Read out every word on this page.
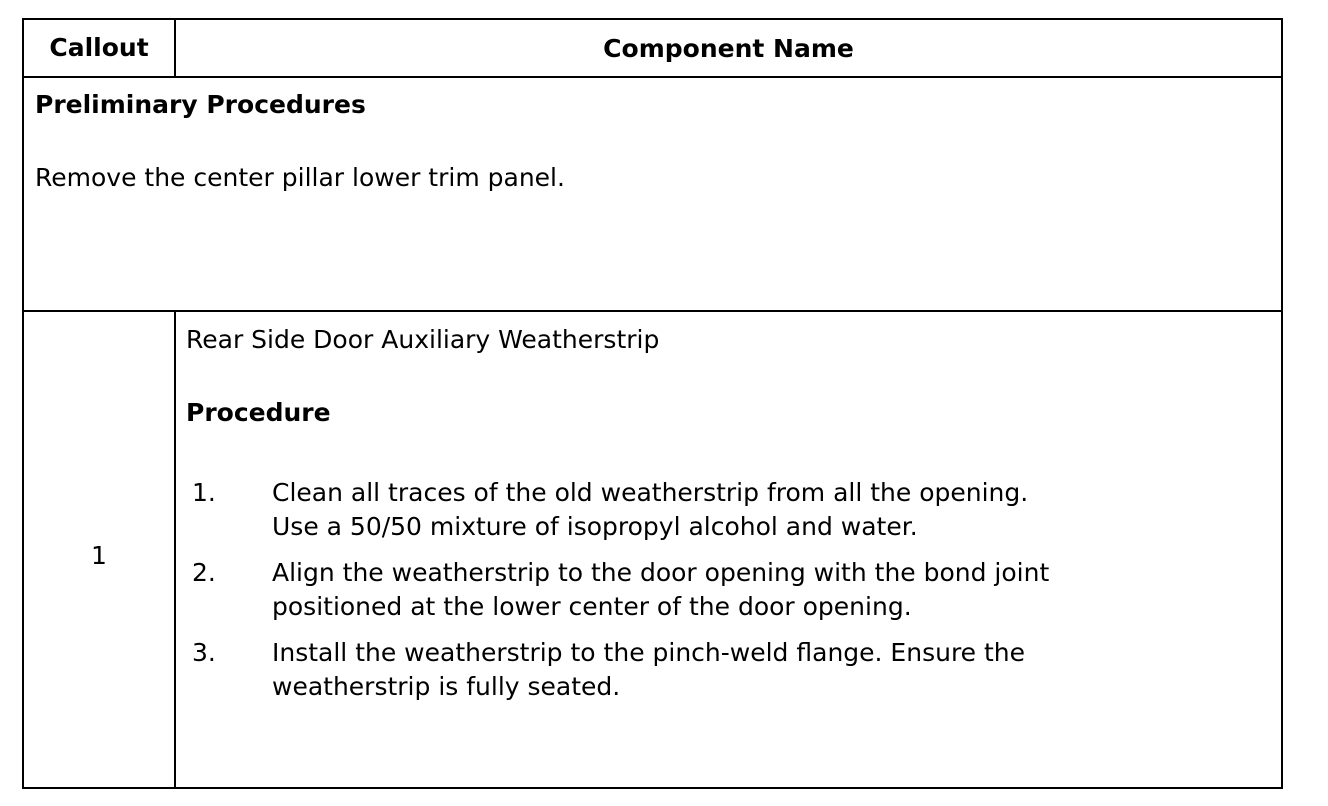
Callout	Component Name
Preliminary Procedures
Remove the center pillar lower trim panel.
1
Rear Side Door Auxiliary Weatherstrip
Procedure
1. Clean all traces of the old weatherstrip from all the opening.
Use a 50/50 mixture of isopropyl alcohol and water.
2. Align the weatherstrip to the door opening with the bond joint
positioned at the lower center of the door opening.
3. Install the weatherstrip to the pinch-weld flange. Ensure the
weatherstrip is fully seated.
